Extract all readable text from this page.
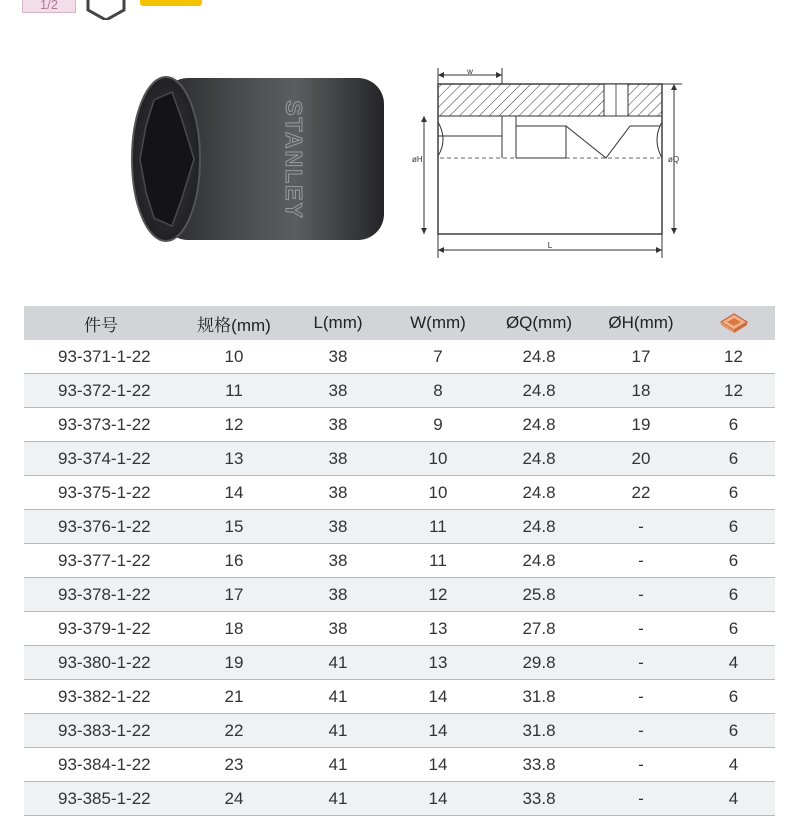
1/2
STANLEY
w
øH	øQ
L
件号	规格(mm)	L(mm)	W(mm)	ØQ(mm)	ØH(mm)	
93-371-1-22	10	38	7	24.8	17	12
93-372-1-22	11	38	8	24.8	18	12
93-373-1-22	12	38	9	24.8	19	6
93-374-1-22	13	38	10	24.8	20	6
93-375-1-22	14	38	10	24.8	22	6
93-376-1-22	15	38	11	24.8	-	6
93-377-1-22	16	38	11	24.8	-	6
93-378-1-22	17	38	12	25.8	-	6
93-379-1-22	18	38	13	27.8	-	6
93-380-1-22	19	41	13	29.8	-	4
93-382-1-22	21	41	14	31.8	-	6
93-383-1-22	22	41	14	31.8	-	6
93-384-1-22	23	41	14	33.8	-	4
93-385-1-22	24	41	14	33.8	-	4
